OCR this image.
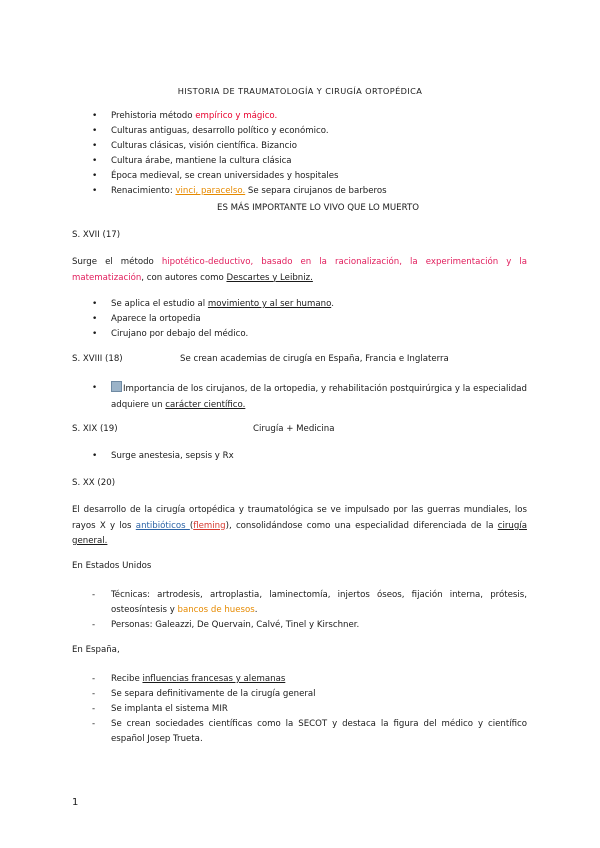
HISTORIA DE TRAUMATOLOGÍA Y CIRUGÍA ORTOPÉDICA
• Prehistoria método empírico y mágico.
• Culturas antiguas, desarrollo político y económico.
• Culturas clásicas, visión científica. Bizancio
• Cultura árabe, mantiene la cultura clásica
• Época medieval, se crean universidades y hospitales
• Renacimiento: vinci, paracelso. Se separa cirujanos de barberos
ES MÁS IMPORTANTE LO VIVO QUE LO MUERTO
S. XVII (17)
Surge el método hipotético-deductivo, basado en la racionalización, la experimentación y la matematización, con autores como Descartes y Leibniz.
• Se aplica el estudio al movimiento y al ser humano.
• Aparece la ortopedia
• Cirujano por debajo del médico.
S. XVIII (18)	Se crean academias de cirugía en España, Francia e Inglaterra
•	Importancia de los cirujanos, de la ortopedia, y rehabilitación postquirúrgica y la especialidad adquiere un carácter científico.
S. XIX (19)	Cirugía + Medicina
• Surge anestesia, sepsis y Rx
S. XX (20)
El desarrollo de la cirugía ortopédica y traumatológica se ve impulsado por las guerras mundiales, los rayos X y los antibióticos (fleming), consolidándose como una especialidad diferenciada de la cirugía general.
En Estados Unidos
- Técnicas: artrodesis, artroplastia, laminectomía, injertos óseos, fijación interna, prótesis, osteosíntesis y bancos de huesos.
- Personas: Galeazzi, De Quervain, Calvé, Tinel y Kirschner.
En España,
- Recibe influencias francesas y alemanas
- Se separa definitivamente de la cirugía general
- Se implanta el sistema MIR
- Se crean sociedades científicas como la SECOT y destaca la figura del médico y científico español Josep Trueta.
1
